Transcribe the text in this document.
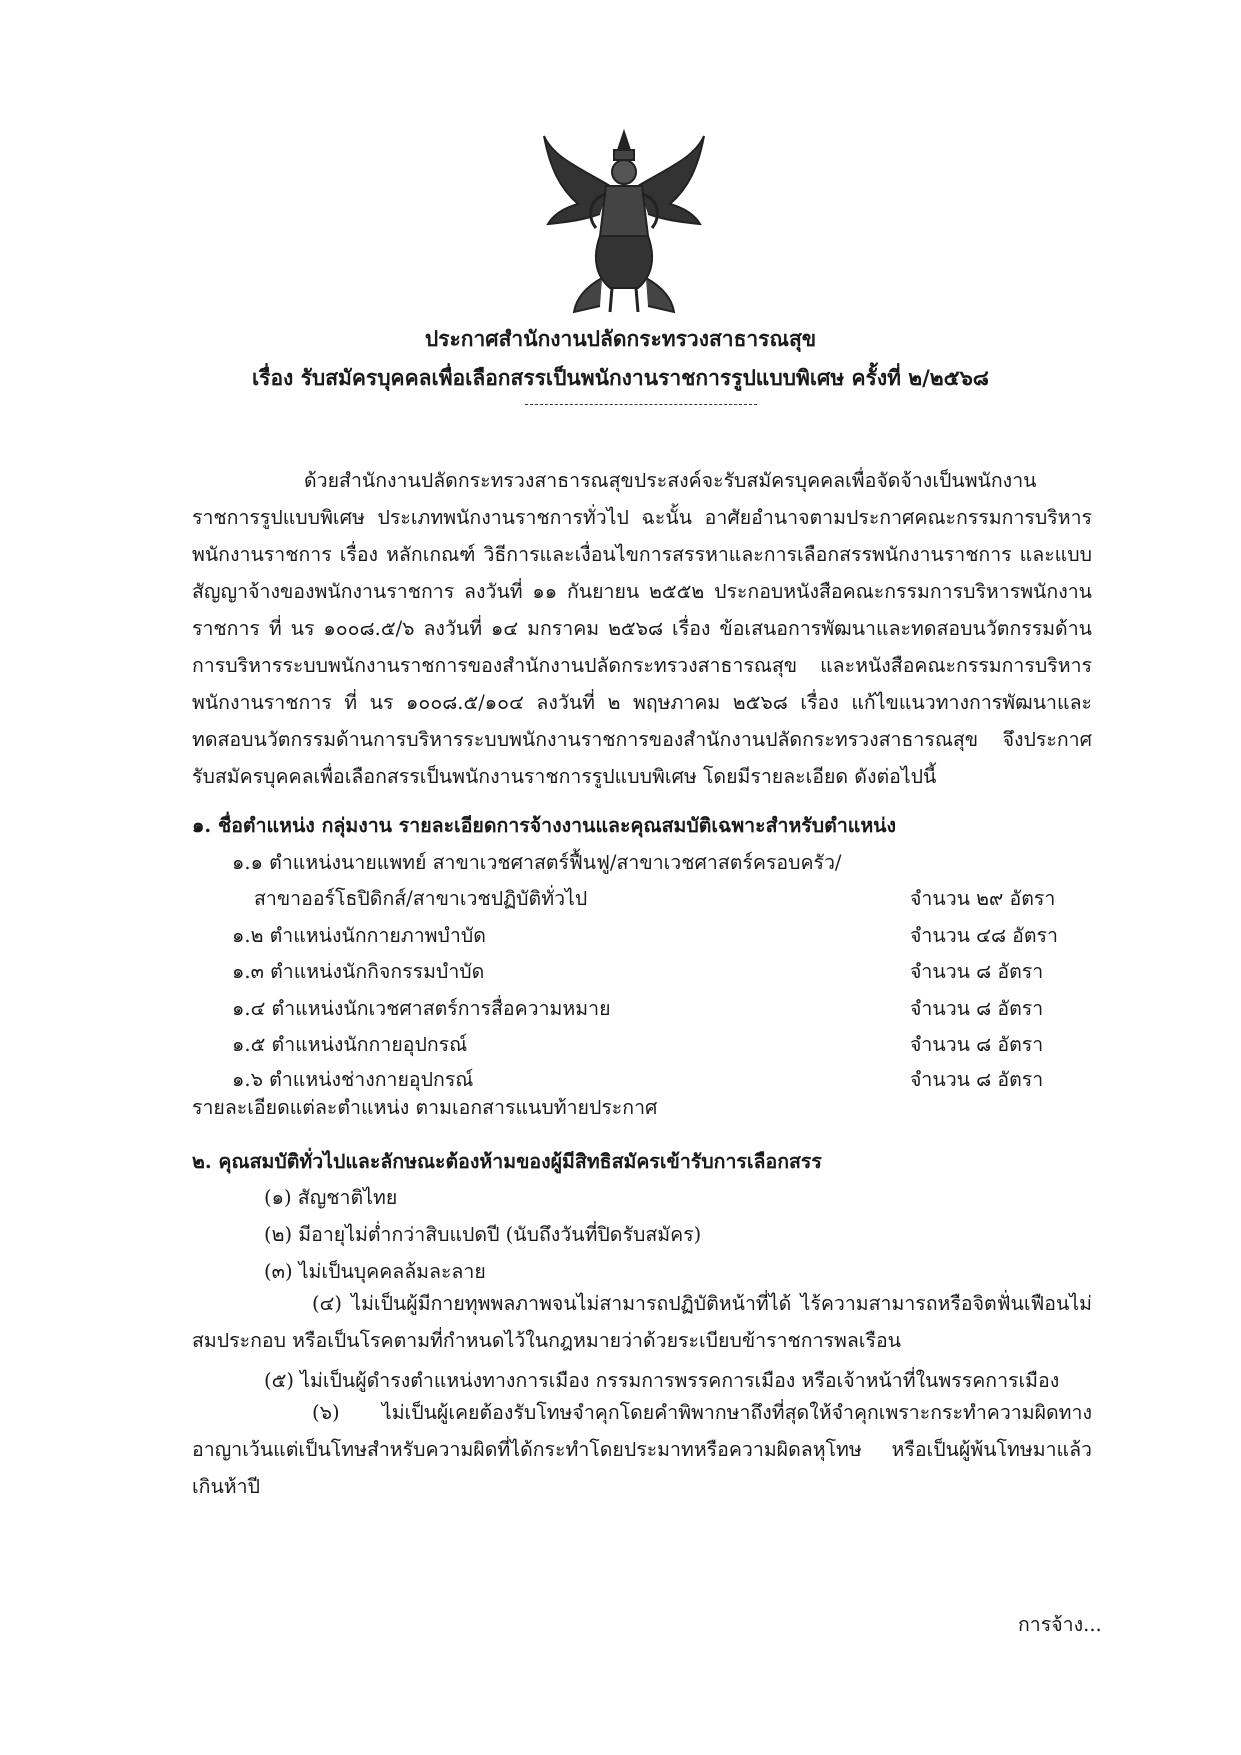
ประกาศสำนักงานปลัดกระทรวงสาธารณสุข
เรื่อง รับสมัครบุคคลเพื่อเลือกสรรเป็นพนักงานราชการรูปแบบพิเศษ ครั้งที่ ๒/๒๕๖๘
ด้วยสำนักงานปลัดกระทรวงสาธารณสุขประสงค์จะรับสมัครบุคคลเพื่อจัดจ้างเป็นพนักงานราชการรูปแบบพิเศษ ประเภทพนักงานราชการทั่วไป ฉะนั้น อาศัยอำนาจตามประกาศคณะกรรมการบริหารพนักงานราชการ เรื่อง หลักเกณฑ์ วิธีการและเงื่อนไขการสรรหาและการเลือกสรรพนักงานราชการ และแบบสัญญาจ้างของพนักงานราชการ ลงวันที่ ๑๑ กันยายน ๒๕๕๒ ประกอบหนังสือคณะกรรมการบริหารพนักงานราชการ ที่ นร ๑๐๐๘.๕/๖ ลงวันที่ ๑๔ มกราคม ๒๕๖๘ เรื่อง ข้อเสนอการพัฒนาและทดสอบนวัตกรรมด้านการบริหารระบบพนักงานราชการของสำนักงานปลัดกระทรวงสาธารณสุข และหนังสือคณะกรรมการบริหารพนักงานราชการ ที่ นร ๑๐๐๘.๕/๑๐๔ ลงวันที่ ๒ พฤษภาคม ๒๕๖๘ เรื่อง แก้ไขแนวทางการพัฒนาและทดสอบนวัตกรรมด้านการบริหารระบบพนักงานราชการของสำนักงานปลัดกระทรวงสาธารณสุข จึงประกาศรับสมัครบุคคลเพื่อเลือกสรรเป็นพนักงานราชการรูปแบบพิเศษ โดยมีรายละเอียด ดังต่อไปนี้
๑. ชื่อตำแหน่ง กลุ่มงาน รายละเอียดการจ้างงานและคุณสมบัติเฉพาะสำหรับตำแหน่ง
๑.๑ ตำแหน่งนายแพทย์ สาขาเวชศาสตร์ฟื้นฟู/สาขาเวชศาสตร์ครอบครัว/
สาขาออร์โธปิดิกส์/สาขาเวชปฏิบัติทั่วไป	จำนวน ๒๙ อัตรา
๑.๒ ตำแหน่งนักกายภาพบำบัด	จำนวน ๔๘ อัตรา
๑.๓ ตำแหน่งนักกิจกรรมบำบัด	จำนวน ๘ อัตรา
๑.๔ ตำแหน่งนักเวชศาสตร์การสื่อความหมาย	จำนวน ๘ อัตรา
๑.๕ ตำแหน่งนักกายอุปกรณ์	จำนวน ๘ อัตรา
๑.๖ ตำแหน่งช่างกายอุปกรณ์	จำนวน ๘ อัตรา
รายละเอียดแต่ละตำแหน่ง ตามเอกสารแนบท้ายประกาศ
๒. คุณสมบัติทั่วไปและลักษณะต้องห้ามของผู้มีสิทธิสมัครเข้ารับการเลือกสรร
(๑) สัญชาติไทย
(๒) มีอายุไม่ต่ำกว่าสิบแปดปี (นับถึงวันที่ปิดรับสมัคร)
(๓) ไม่เป็นบุคคลล้มละลาย
(๔) ไม่เป็นผู้มีกายทุพพลภาพจนไม่สามารถปฏิบัติหน้าที่ได้ ไร้ความสามารถหรือจิตฟั่นเฟือนไม่สมประกอบ หรือเป็นโรคตามที่กำหนดไว้ในกฎหมายว่าด้วยระเบียบข้าราชการพลเรือน
(๕) ไม่เป็นผู้ดำรงตำแหน่งทางการเมือง กรรมการพรรคการเมือง หรือเจ้าหน้าที่ในพรรคการเมือง
(๖) ไม่เป็นผู้เคยต้องรับโทษจำคุกโดยคำพิพากษาถึงที่สุดให้จำคุกเพราะกระทำความผิดทางอาญาเว้นแต่เป็นโทษสำหรับความผิดที่ได้กระทำโดยประมาทหรือความผิดลหุโทษ หรือเป็นผู้พ้นโทษมาแล้วเกินห้าปี
การจ้าง...
